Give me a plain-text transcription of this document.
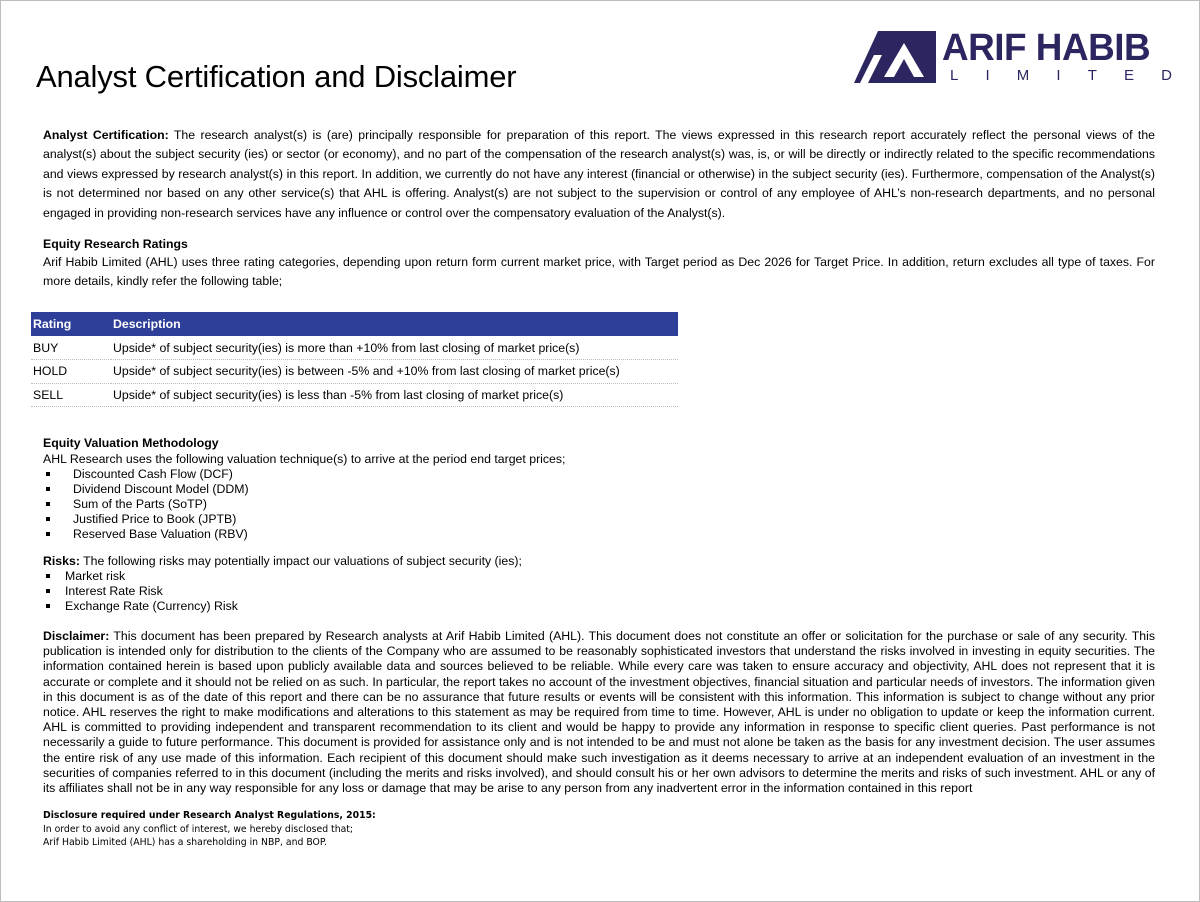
Analyst Certification and Disclaimer
ARIF HABIB
L I M I T E D

Analyst Certification: The research analyst(s) is (are) principally responsible for preparation of this report. The views expressed in this research report accurately reflect the personal views of the analyst(s) about the subject security (ies) or sector (or economy), and no part of the compensation of the research analyst(s) was, is, or will be directly or indirectly related to the specific recommendations and views expressed by research analyst(s) in this report. In addition, we currently do not have any interest (financial or otherwise) in the subject security (ies). Furthermore, compensation of the Analyst(s) is not determined nor based on any other service(s) that AHL is offering. Analyst(s) are not subject to the supervision or control of any employee of AHL’s non-research departments, and no personal engaged in providing non-research services have any influence or control over the compensatory evaluation of the Analyst(s).

Equity Research Ratings

Arif Habib Limited (AHL) uses three rating categories, depending upon return form current market price, with Target period as Dec 2026 for Target Price. In addition, return excludes all type of taxes. For more details, kindly refer the following table;

Rating	Description
BUY	Upside* of subject security(ies) is more than +10% from last closing of market price(s)
HOLD	Upside* of subject security(ies) is between -5% and +10% from last closing of market price(s)
SELL	Upside* of subject security(ies) is less than -5% from last closing of market price(s)
Equity Valuation Methodology
AHL Research uses the following valuation technique(s) to arrive at the period end target prices;
Discounted Cash Flow (DCF)
Dividend Discount Model (DDM)
Sum of the Parts (SoTP)
Justified Price to Book (JPTB)
Reserved Base Valuation (RBV)
Risks: The following risks may potentially impact our valuations of subject security (ies);
Market risk
Interest Rate Risk
Exchange Rate (Currency) Risk

Disclaimer: This document has been prepared by Research analysts at Arif Habib Limited (AHL). This document does not constitute an offer or solicitation for the purchase or sale of any security. This publication is intended only for distribution to the clients of the Company who are assumed to be reasonably sophisticated investors that understand the risks involved in investing in equity securities. The information contained herein is based upon publicly available data and sources believed to be reliable. While every care was taken to ensure accuracy and objectivity, AHL does not represent that it is accurate or complete and it should not be relied on as such. In particular, the report takes no account of the investment objectives, financial situation and particular needs of investors. The information given in this document is as of the date of this report and there can be no assurance that future results or events will be consistent with this information. This information is subject to change without any prior notice. AHL reserves the right to make modifications and alterations to this statement as may be required from time to time. However, AHL is under no obligation to update or keep the information current. AHL is committed to providing independent and transparent recommendation to its client and would be happy to provide any information in response to specific client queries. Past performance is not necessarily a guide to future performance. This document is provided for assistance only and is not intended to be and must not alone be taken as the basis for any investment decision. The user assumes the entire risk of any use made of this information. Each recipient of this document should make such investigation as it deems necessary to arrive at an independent evaluation of an investment in the securities of companies referred to in this document (including the merits and risks involved), and should consult his or her own advisors to determine the merits and risks of such investment. AHL or any of its affiliates shall not be in any way responsible for any loss or damage that may be arise to any person from any inadvertent error in the information contained in this report

Disclosure required under Research Analyst Regulations, 2015:
In order to avoid any conflict of interest, we hereby disclosed that;
Arif Habib Limited (AHL) has a shareholding in NBP, and BOP.
